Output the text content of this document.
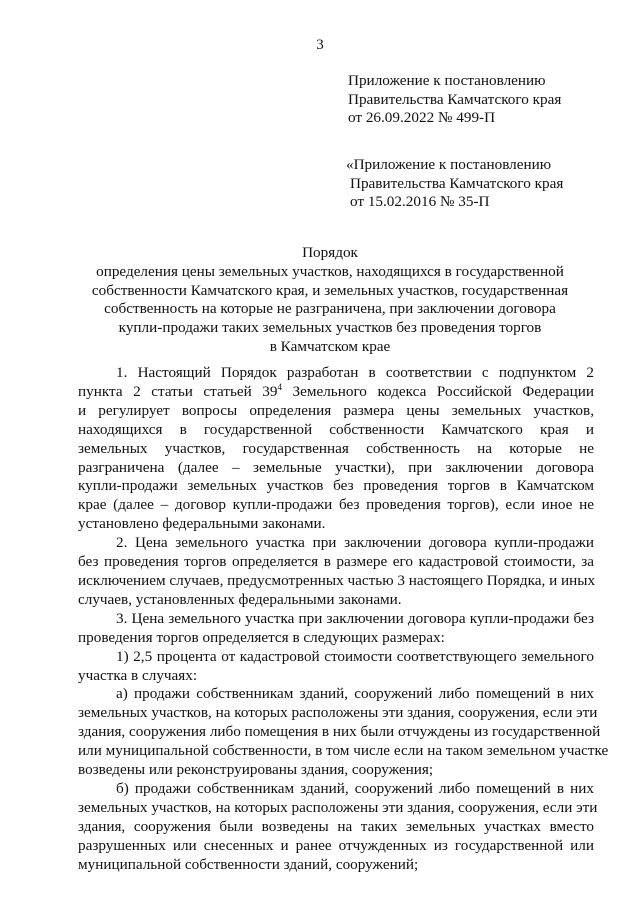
3
Приложение к постановлению
Правительства Камчатского края
от 26.09.2022 № 499-П
«Приложение к постановлению
Правительства Камчатского края
от 15.02.2016 № 35-П
Порядок
определения цены земельных участков, находящихся в государственной
собственности Камчатского края, и земельных участков, государственная
собственность на которые не разграничена, при заключении договора
купли-продажи таких земельных участков без проведения торгов
в Камчатском крае

1. Настоящий Порядок разработан в соответствии с подпунктом 2
пункта 2 статьи статьей $39^4$ Земельного кодекса Российской Федерации
и регулирует вопросы определения размера цены земельных участков,
находящихся в государственной собственности Камчатского края и
земельных участков, государственная собственность на которые не
разграничена (далее – земельные участки), при заключении договора
купли-продажи земельных участков без проведения торгов в Камчатском
крае (далее – договор купли-продажи без проведения торгов), если иное не
установлено федеральными законами.

2. Цена земельного участка при заключении договора купли-продажи
без проведения торгов определяется в размере его кадастровой стоимости, за
исключением случаев, предусмотренных частью 3 настоящего Порядка, и иных
случаев, установленных федеральными законами.

3. Цена земельного участка при заключении договора купли-продажи без
проведения торгов определяется в следующих размерах:

1) 2,5 процента от кадастровой стоимости соответствующего земельного
участка в случаях:

а) продажи собственникам зданий, сооружений либо помещений в них
земельных участков, на которых расположены эти здания, сооружения, если эти
здания, сооружения либо помещения в них были отчуждены из государственной
или муниципальной собственности, в том числе если на таком земельном участке
возведены или реконструированы здания, сооружения;

б) продажи собственникам зданий, сооружений либо помещений в них
земельных участков, на которых расположены эти здания, сооружения, если эти
здания, сооружения были возведены на таких земельных участках вместо
разрушенных или снесенных и ранее отчужденных из государственной или
муниципальной собственности зданий, сооружений;
